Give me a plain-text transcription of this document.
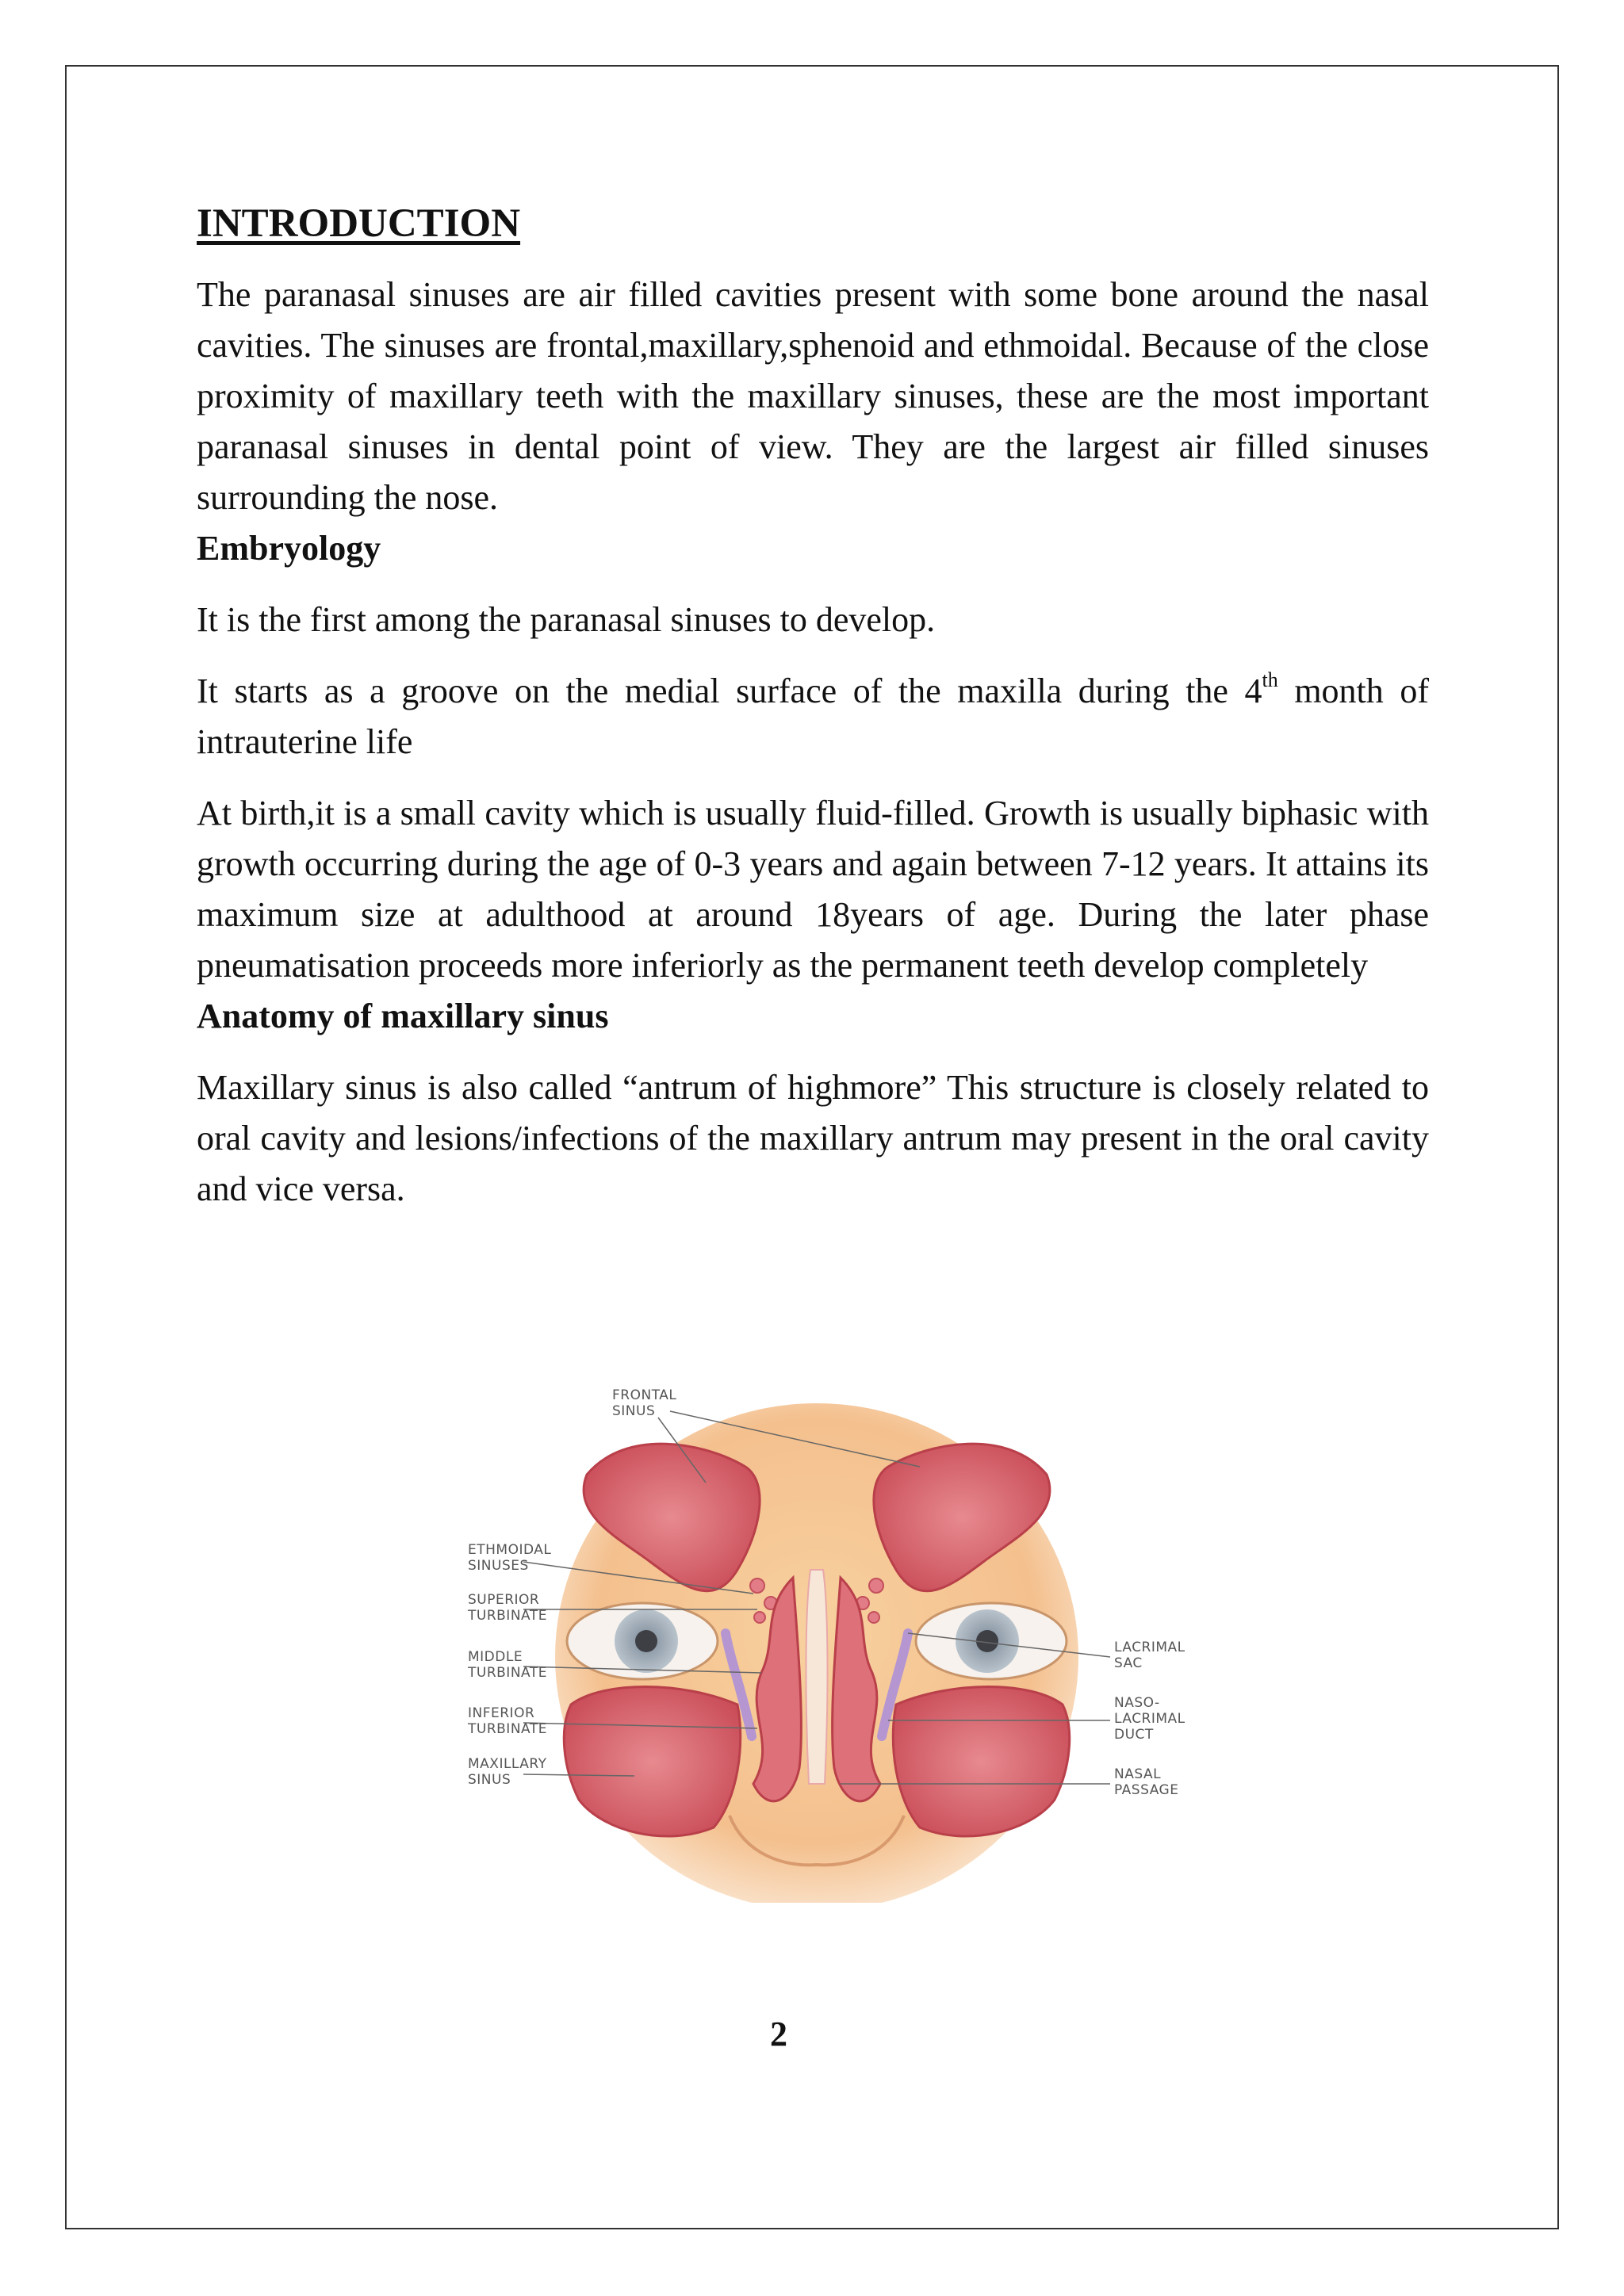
INTRODUCTION

The paranasal sinuses are air filled cavities present with some bone around the nasal cavities. The sinuses are frontal,maxillary,sphenoid and ethmoidal. Because of the close proximity of maxillary teeth with the maxillary sinuses, these are the most important paranasal sinuses in dental point of view. They are the largest air filled sinuses surrounding the nose.

Embryology

It is the first among the paranasal sinuses to develop.

It starts as a groove on the medial surface of the maxilla during the 4th month of intrauterine life

At birth,it is a small cavity which is usually fluid-filled. Growth is usually biphasic with growth occurring during the age of 0-3 years and again between 7-12 years. It attains its maximum size at adulthood at around 18years of age. During the later phase pneumatisation proceeds more inferiorly as the permanent teeth develop completely

Anatomy of maxillary sinus

Maxillary sinus is also called “antrum of highmore” This structure is closely related to oral cavity and lesions/infections of the maxillary antrum may present in the oral cavity and vice versa.

FRONTAL SINUS
ETHMOIDAL SINUSES
SUPERIOR TURBINATE
MIDDLE TURBINATE
INFERIOR TURBINATE
MAXILLARY SINUS
LACRIMAL SAC
NASO-LACRIMAL DUCT
NASAL PASSAGE
2
